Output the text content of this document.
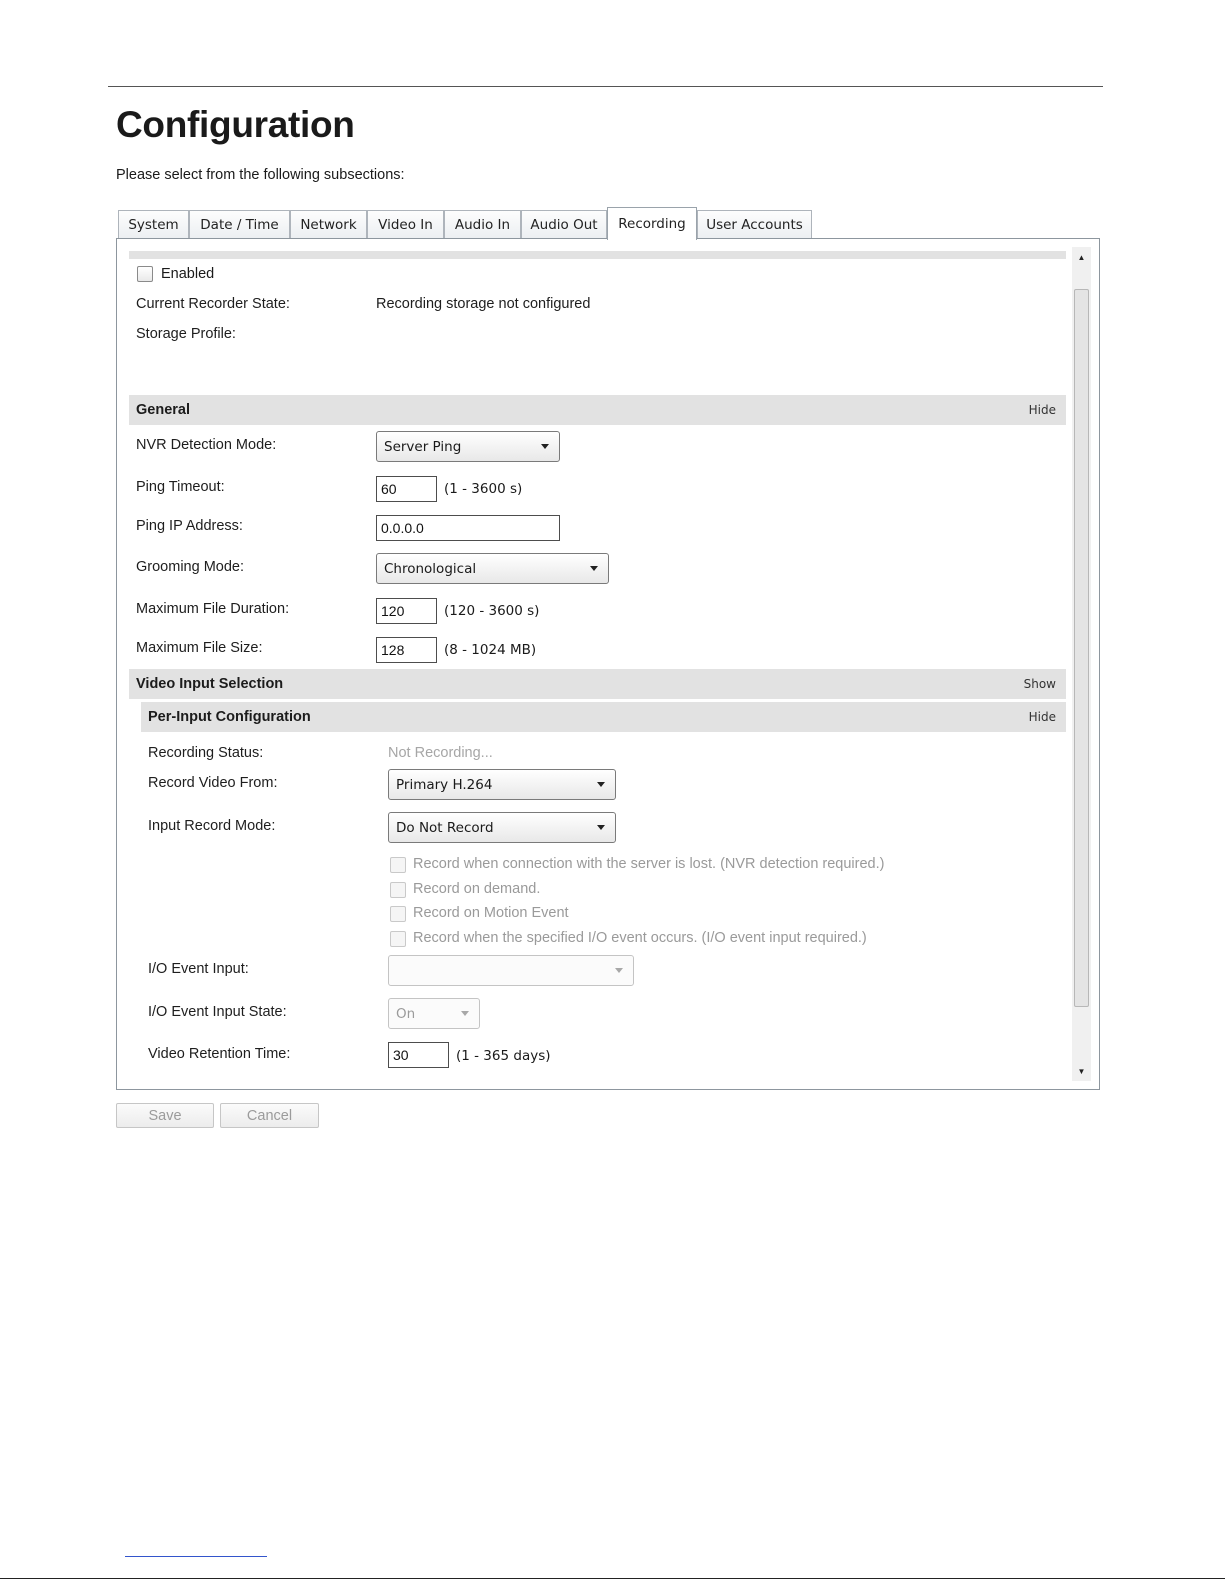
Configuration
Please select from the following subsections:
System	Date / Time	Network	Video In	Audio In	Audio Out	Recording	User Accounts
Enabled
Current Recorder State:	Recording storage not configured
Storage Profile:
General	Hide
NVR Detection Mode:	Server Ping
Ping Timeout:	60	(1 - 3600 s)
Ping IP Address:	0.0.0.0
Grooming Mode:	Chronological
Maximum File Duration:	120	(120 - 3600 s)
Maximum File Size:	128	(8 - 1024 MB)
Video Input Selection	Show
Per-Input Configuration	Hide
Recording Status:	Not Recording...
Record Video From:	Primary H.264
Input Record Mode:	Do Not Record
Record when connection with the server is lost. (NVR detection required.)
Record on demand.
Record on Motion Event
Record when the specified I/O event occurs. (I/O event input required.)
I/O Event Input:
I/O Event Input State:	On
Video Retention Time:	30	(1 - 365 days)
▲
▼
Save	Cancel
